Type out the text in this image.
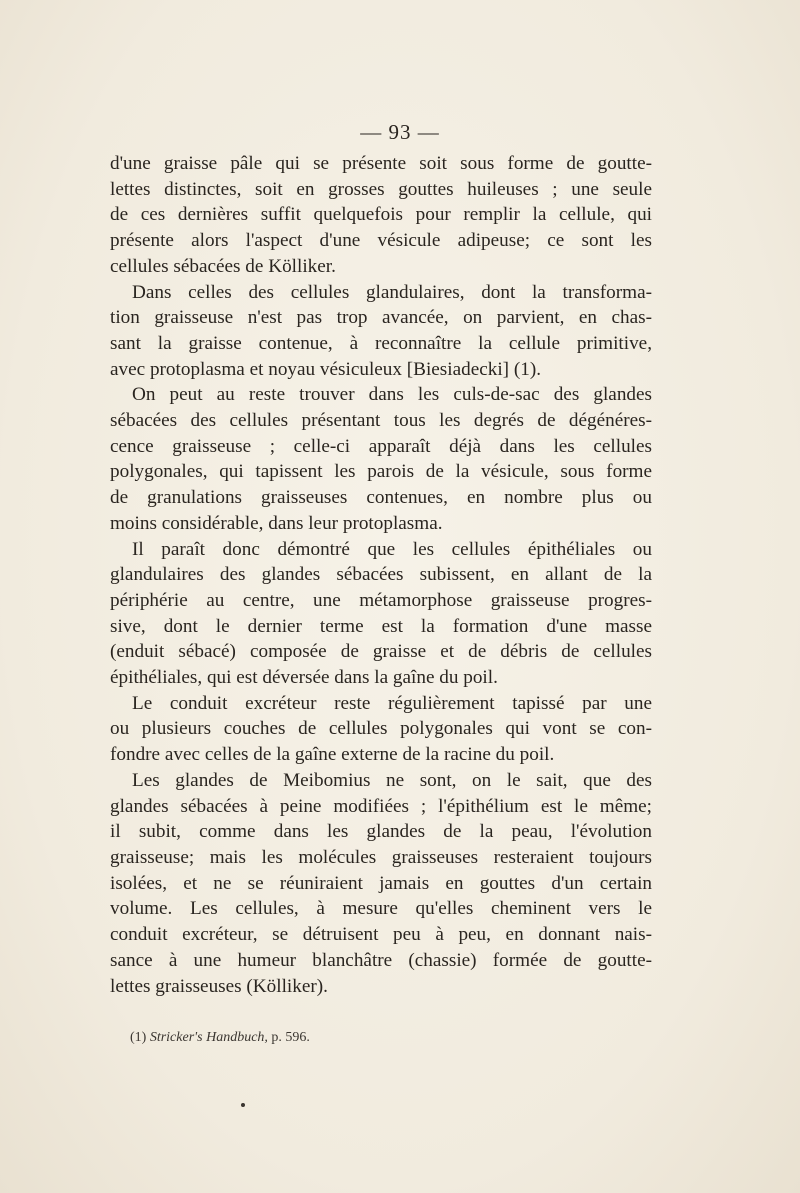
— 93 —

d'une graisse pâle qui se présente soit sous forme de goutte-
lettes distinctes, soit en grosses gouttes huileuses ; une seule
de ces dernières suffit quelquefois pour remplir la cellule, qui
présente alors l'aspect d'une vésicule adipeuse; ce sont les
cellules sébacées de Kölliker.

Dans celles des cellules glandulaires, dont la transforma-
tion graisseuse n'est pas trop avancée, on parvient, en chas-
sant la graisse contenue, à reconnaître la cellule primitive,
avec protoplasma et noyau vésiculeux [Biesiadecki] (1).

On peut au reste trouver dans les culs-de-sac des glandes
sébacées des cellules présentant tous les degrés de dégénéres-
cence graisseuse ; celle-ci apparaît déjà dans les cellules
polygonales, qui tapissent les parois de la vésicule, sous forme
de granulations graisseuses contenues, en nombre plus ou
moins considérable, dans leur protoplasma.

Il paraît donc démontré que les cellules épithéliales ou
glandulaires des glandes sébacées subissent, en allant de la
périphérie au centre, une métamorphose graisseuse progres-
sive, dont le dernier terme est la formation d'une masse
(enduit sébacé) composée de graisse et de débris de cellules
épithéliales, qui est déversée dans la gaîne du poil.

Le conduit excréteur reste régulièrement tapissé par une
ou plusieurs couches de cellules polygonales qui vont se con-
fondre avec celles de la gaîne externe de la racine du poil.

Les glandes de Meibomius ne sont, on le sait, que des
glandes sébacées à peine modifiées ; l'épithélium est le même;
il subit, comme dans les glandes de la peau, l'évolution
graisseuse; mais les molécules graisseuses resteraient toujours
isolées, et ne se réuniraient jamais en gouttes d'un certain
volume. Les cellules, à mesure qu'elles cheminent vers le
conduit excréteur, se détruisent peu à peu, en donnant nais-
sance à une humeur blanchâtre (chassie) formée de goutte-
lettes graisseuses (Kölliker).

(1) Stricker's Handbuch, p. 596.
